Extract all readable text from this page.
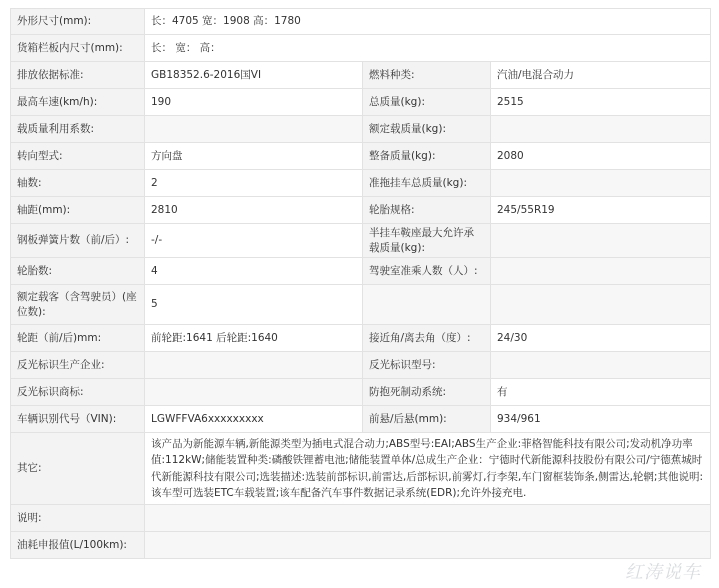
外形尺寸(mm):	长：4705 宽：1908 高：1780		
货箱栏板内尺寸(mm):	长： 宽： 高：		
排放依据标准:	GB18352.6-2016国VI	燃料种类:	汽油/电混合动力
最高车速(km/h):	190	总质量(kg):	2515
载质量利用系数:		额定载质量(kg):	
转向型式:	方向盘	整备质量(kg):	2080
轴数:	2	准拖挂车总质量(kg):	
轴距(mm):	2810	轮胎规格:	245/55R19
钢板弹簧片数（前/后）:	-/-	半挂车鞍座最大允许承载质量(kg):	
轮胎数:	4	驾驶室准乘人数（人）:	
额定载客（含驾驶员）(座位数):	5		
轮距（前/后)mm:	前轮距:1641 后轮距:1640	接近角/离去角（度）:	24/30
反光标识生产企业:		反光标识型号:	
反光标识商标:		防抱死制动系统:	有
车辆识别代号（VIN):	LGWFFVA6xxxxxxxxx	前悬/后悬(mm):	934/961
其它:	该产品为新能源车辆,新能源类型为插电式混合动力;ABS型号:EAI;ABS生产企业:菲格智能科技有限公司;发动机净功率值:112kW;储能装置种类:磷酸铁锂蓄电池;储能装置单体/总成生产企业：宁德时代新能源科技股份有限公司/宁德蕉城时代新能源科技有限公司;选装描述:选装前部标识,前雷达,后部标识,前雾灯,行李架,车门窗框装饰条,侧雷达,轮辋;其他说明:该车型可选装ETC车载装置;该车配备汽车事件数据记录系统(EDR);允许外接充电.		
说明:			
油耗申报值(L/100km):			
红涛说车
